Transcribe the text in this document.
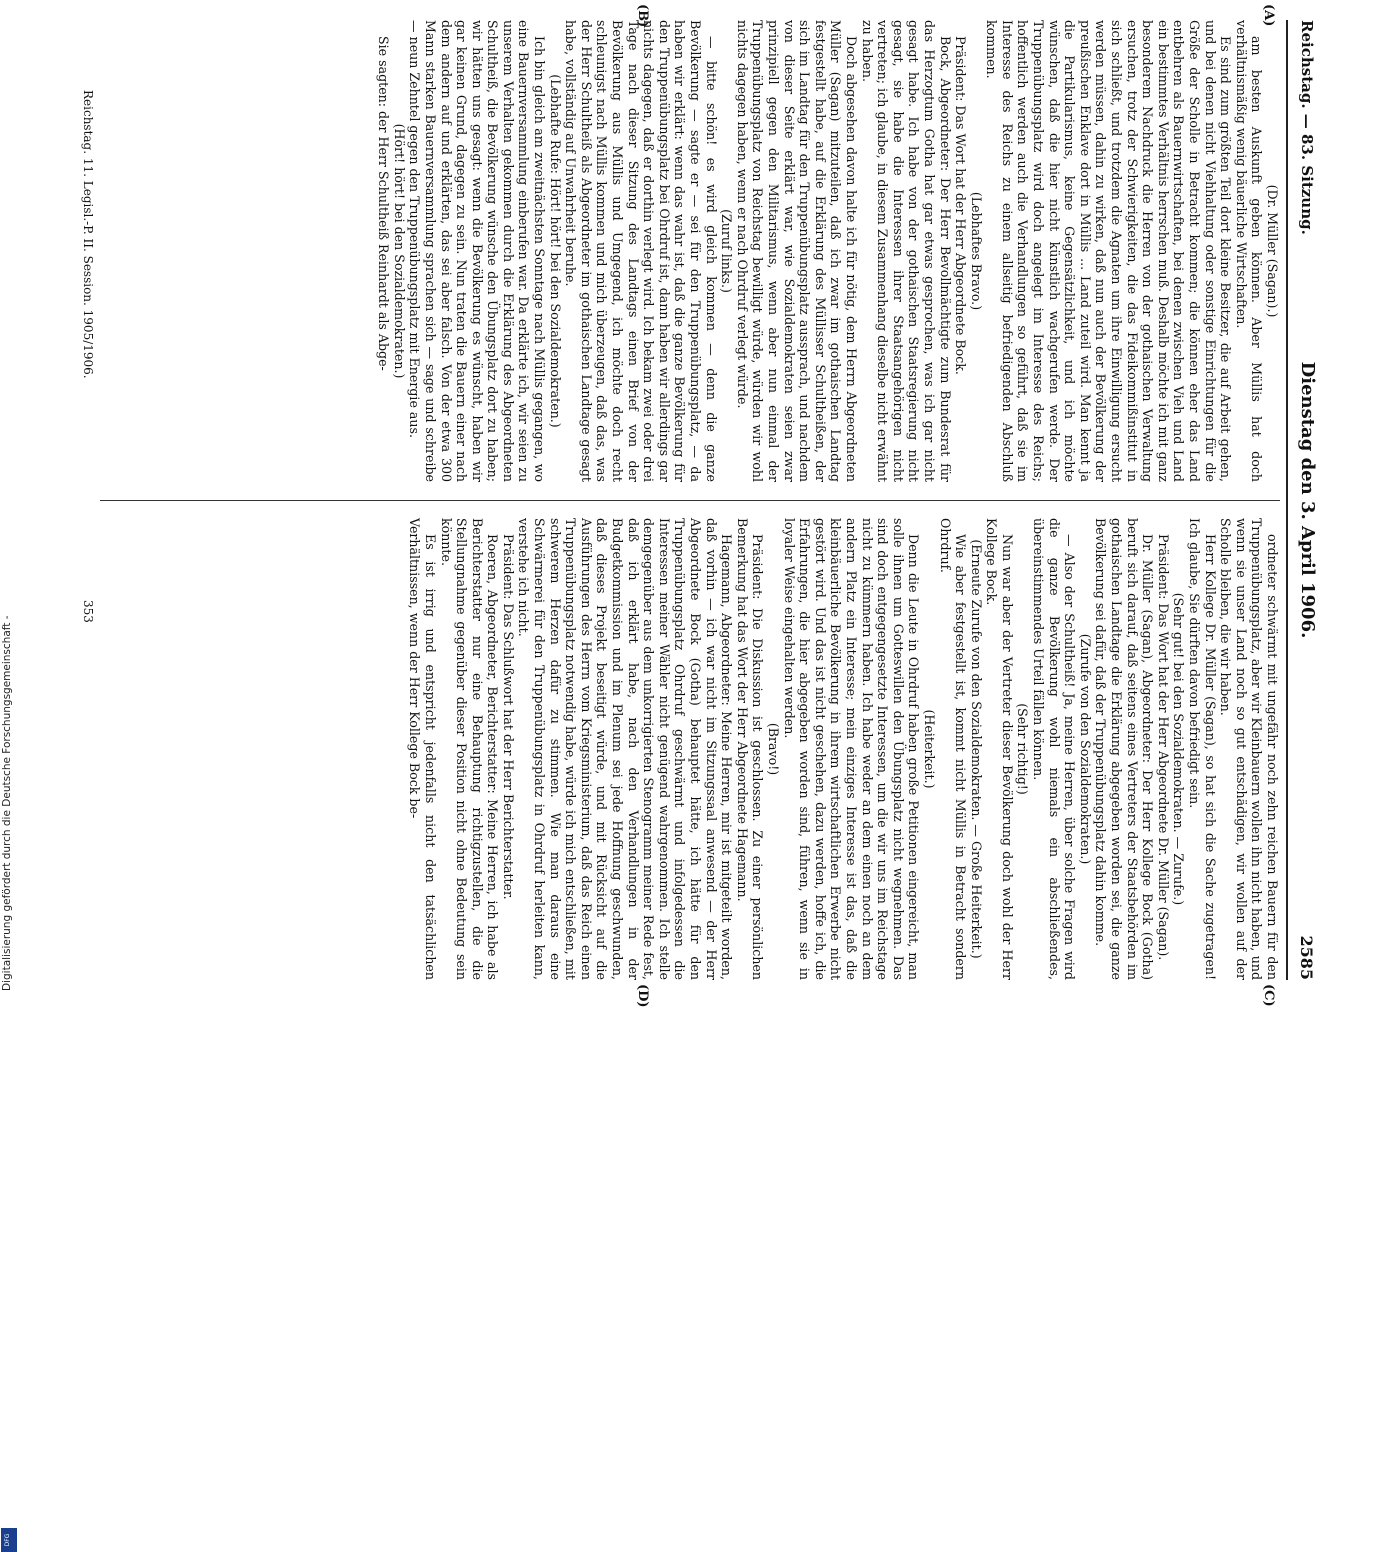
Reichstag. — 83. Sitzung.
Dienstag den 3. April 1906.
2585
(A)
(B)
(C)
(D)

(Dr. Müller (Sagan).)

am besten Auskunft geben können. Aber Müllis hat doch verhältnismäßig wenig bäuerliche Wirtschaften.

Es sind zum größten Teil dort kleine Besitzer, die auf Arbeit gehen, und bei denen nicht Viehhaltung oder sonstige Einrichtungen für die Größe der Scholle in Betracht kommen; die können eher das Land entbehren als Bauernwirtschaften, bei denen zwischen Vieh und Land ein bestimmtes Verhältnis herrschen muß. Deshalb möchte ich mit ganz besonderem Nachdruck die Herren von der gothaischen Verwaltung ersuchen, trotz der Schwierigkeiten, die das Fideikommißinstitut in sich schließt, und trotzdem die Agnaten um ihre Einwilligung ersucht werden müssen, dahin zu wirken, daß nun auch der Bevölkerung der preußischen Enklave dort in Müllis ... Land zuteil wird. Man kennt ja die Partikularismus, keine Gegensätzlichkeit, und ich möchte wünschen, daß die hier nicht künstlich wachgerufen werde. Der Truppenübungsplatz wird doch angelegt im Interesse des Reichs; hoffentlich werden auch die Verhandlungen so geführt, daß sie im Interesse des Reichs zu einem allseitig befriedigenden Abschluß kommen.

(Lebhaftes Bravo.)

Präsident: Das Wort hat der Herr Abgeordnete Bock.

Bock, Abgeordneter: Der Herr Bevollmächtigte zum Bundesrat für das Herzogtum Gotha hat gar etwas gesprochen, was ich gar nicht gesagt habe. Ich habe von der gothaischen Staatsregierung nicht gesagt, sie habe die Interessen ihrer Staatsangehörigen nicht vertreten; ich glaube, in diesem Zusammenhang dieselbe nicht erwähnt zu haben.

Doch abgesehen davon halte ich für nötig, dem Herrn Abgeordneten Müller (Sagan) mitzuteilen, daß ich zwar im gothaischen Landtag festgestellt habe, auf die Erklärung des Müllisser Schultheißen, der sich im Landtag für den Truppenübungsplatz aussprach, und nachdem von dieser Seite erklärt war, wie Sozialdemokraten seien zwar prinzipiell gegen den Militarismus, wenn aber nun einmal der Truppenübungsplatz von Reichstag bewilligt würde, würden wir wohl nichts dagegen haben, wenn er nach Ohrdruf verlegt würde.

(Zuruf links.)

— bitte schön! es wird gleich kommen — denn die ganze Bevölkerung — sagte er — sei für den Truppenübungsplatz, — da haben wir erklärt: wenn das wahr ist, daß die ganze Bevölkerung für den Truppenübungsplatz bei Ohrdruf ist, dann haben wir allerdings gar nichts dagegen, daß er dorthin verlegt wird. Ich bekam zwei oder drei Tage nach dieser Sitzung des Landtags einen Brief von der Bevölkerung aus Müllis und Umgegend, ich möchte doch recht schleunigst nach Müllis kommen und mich überzeugen, daß das, was der Herr Schultheiß als Abgeordneter im gothaischen Landtage gesagt habe, vollständig auf Unwahrheit beruhe.

(Lebhafte Rufe: Hört! hört! bei den Sozialdemokraten.)

Ich bin gleich am zweitnächsten Sonntage nach Müllis gegangen, wo eine Bauernversammlung einberufen war. Da erklärte ich, wir seien zu unserem Verhalten gekommen durch die Erklärung des Abgeordneten Schultheiß, die Bevölkerung wünsche den Übungsplatz dort zu haben; wir hätten uns gesagt: wenn die Bevölkerung es wünscht, haben wir gar keinen Grund, dagegen zu sein. Nun traten die Bauern einer nach dem andern auf und erklärten, das sei aber falsch. Von der etwa 300 Mann starken Bauernversammlung sprachen sich — sage und schreibe — neun Zehntel gegen den Truppenübungsplatz mit Energie aus.

(Hört! hört! bei den Sozialdemokraten.)

Sie sagten: der Herr Schultheiß Reinhardt als Abge-

ordneter schwärmt mit ungefähr noch zehn reichen Bauern für den Truppenübungsplatz, aber wir Kleinbauern wollen ihn nicht haben, und wenn sie unser Land noch so gut entschädigen, wir wollen auf der Scholle bleiben, die wir haben.

Herr Kollege Dr. Müller (Sagan), so hat sich die Sache zugetragen! Ich glaube, Sie dürften davon befriedigt sein.

(Sehr gut! bei den Sozialdemokraten. — Zurufe.)

Präsident: Das Wort hat der Herr Abgeordnete Dr. Müller (Sagan).

Dr. Müller (Sagan), Abgeordneter: Der Herr Kollege Bock (Gotha) beruft sich darauf, daß seitens eines Vertreters der Staatsbehörden im gothaischen Landtage die Erklärung abgegeben worden sei, die ganze Bevölkerung sei dafür, daß der Truppenübungsplatz dahin komme.

(Zurufe von den Sozialdemokraten.)

— Also der Schultheiß! Ja, meine Herren, über solche Fragen wird die ganze Bevölkerung wohl niemals ein abschließendes, übereinstimmendes Urteil fällen können.

(Sehr richtig!)

Nun war aber der Vertreter dieser Bevölkerung doch wohl der Herr Kollege Bock.

(Erneute Zurufe von den Sozialdemokraten. — Große Heiterkeit.)

Wie aber festgestellt ist, kommt nicht Müllis in Betracht sondern Ohrdruf.

(Heiterkeit.)

Denn die Leute in Ohrdruf haben große Petitionen eingereicht, man solle ihnen um Gotteswillen den Übungsplatz nicht wegnehmen. Das sind doch entgegengesetzte Interessen, um die wir uns im Reichstage nicht zu kümmern haben. Ich habe weder an dem einen noch an dem andern Platz ein Interesse; mein einziges Interesse ist das, daß die kleinbäuerliche Bevölkerung in ihrem wirtschaftlichen Erwerbe nicht gestört wird. Und das ist nicht geschehen, dazu werden, hoffe ich, die Erfahrungen, die hier abgegeben worden sind, führen, wenn sie in loyaler Weise eingehalten werden.

(Bravo!)

Präsident: Die Diskussion ist geschlossen. Zu einer persönlichen Bemerkung hat das Wort der Herr Abgeordnete Hagemann.

Hagemann, Abgeordneter: Meine Herren, mir ist mitgeteilt worden, daß vorhin — ich war nicht im Sitzungssaal anwesend — der Herr Abgeordnete Bock (Gotha) behauptet hätte, ich hätte für den Truppenübungsplatz Ohrdruf geschwärmt und infolgedessen die Interessen meiner Wähler nicht genügend wahrgenommen. Ich stelle demgegenüber aus dem unkorrigierten Stenogramm meiner Rede fest, daß ich erklärt habe, nach den Verhandlungen in der Budgetkommission und im Plenum sei jede Hoffnung geschwunden, daß dieses Projekt beseitigt würde, und mit Rücksicht auf die Ausführungen des Herrn vom Kriegsministerium, daß das Reich einen Truppenübungsplatz notwendig habe, würde ich mich entschließen, mit schwerem Herzen dafür zu stimmen. Wie man daraus eine Schwärmerei für den Truppenübungsplatz in Ohrdruf herleiten kann, verstehe ich nicht.

Präsident: Das Schlußwort hat der Herr Berichterstatter.

Roeren, Abgeordneter, Berichterstatter: Meine Herren, ich habe als Berichterstatter nur eine Behauptung richtigzustellen, die die Stellungnahme gegenüber dieser Position nicht ohne Bedeutung sein könnte.

Es ist irrig und entspricht jedenfalls nicht den tatsächlichen Verhältnissen, wenn der Herr Kollege Bock be-

Reichstag. 11. Legisl.-P. II. Session. 1905/1906.
353
Digitalisierung gefördert durch die Deutsche Forschungsgemeinschaft -
DFG
